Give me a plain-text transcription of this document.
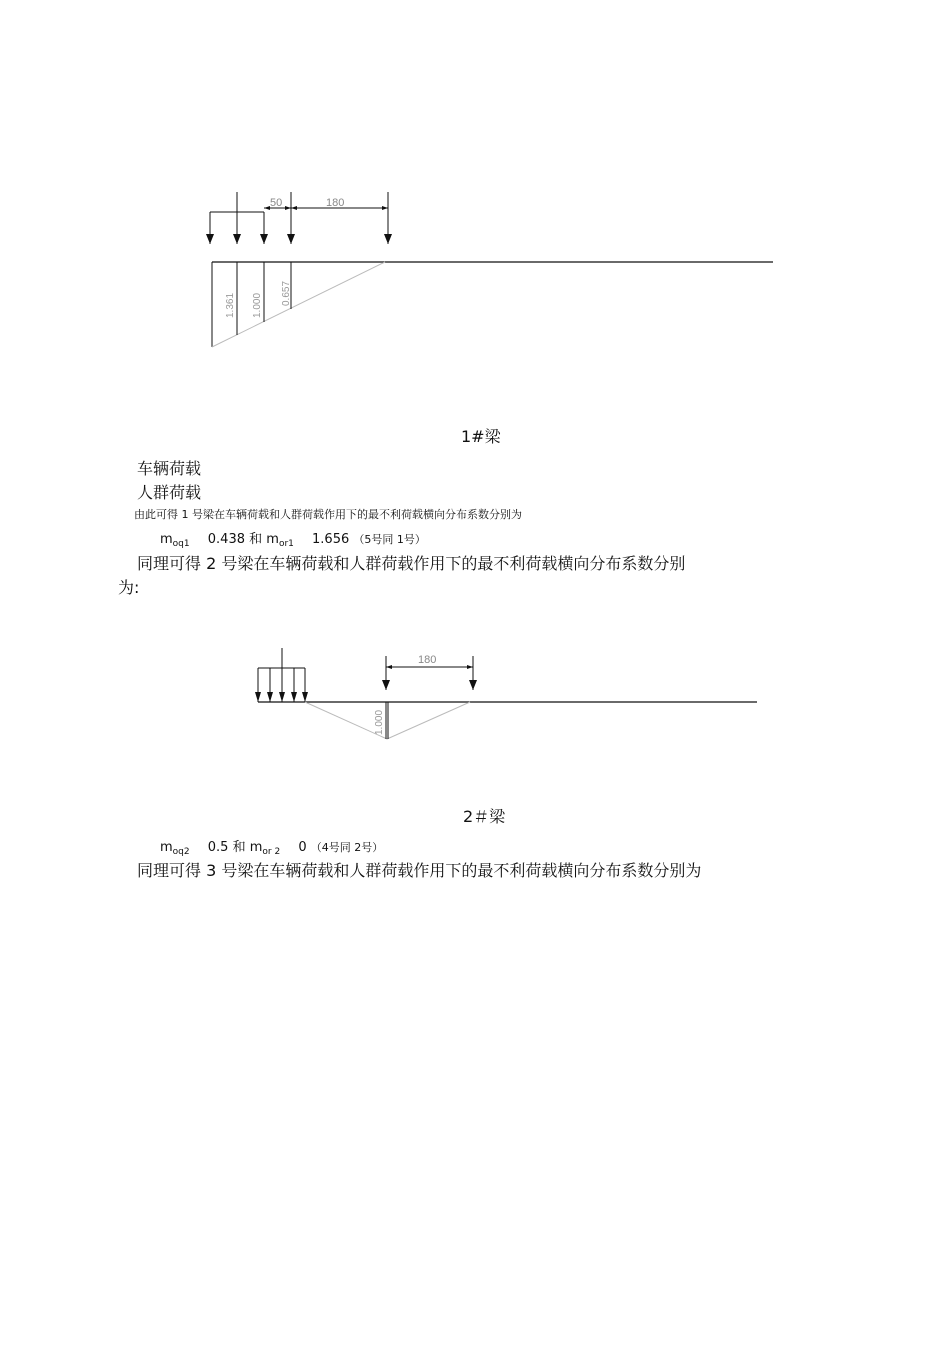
50	180
1.361 1.000 0.657
1#梁
车辆荷载
人群荷载
由此可得 1 号梁在车辆荷载和人群荷载作用下的最不利荷载横向分布系数分别为
$m_{oq1}$ 0.438 和 $m_{or1}$ 1.656 （5号同 1号）
同理可得 2 号梁在车辆荷载和人群荷载作用下的最不利荷载横向分布系数分别
为:
180
1.000
2＃梁
$m_{oq2}$ 0.5 和 $m_{or 2}$ 0 （4号同 2号）
同理可得 3 号梁在车辆荷载和人群荷载作用下的最不利荷载横向分布系数分别为
